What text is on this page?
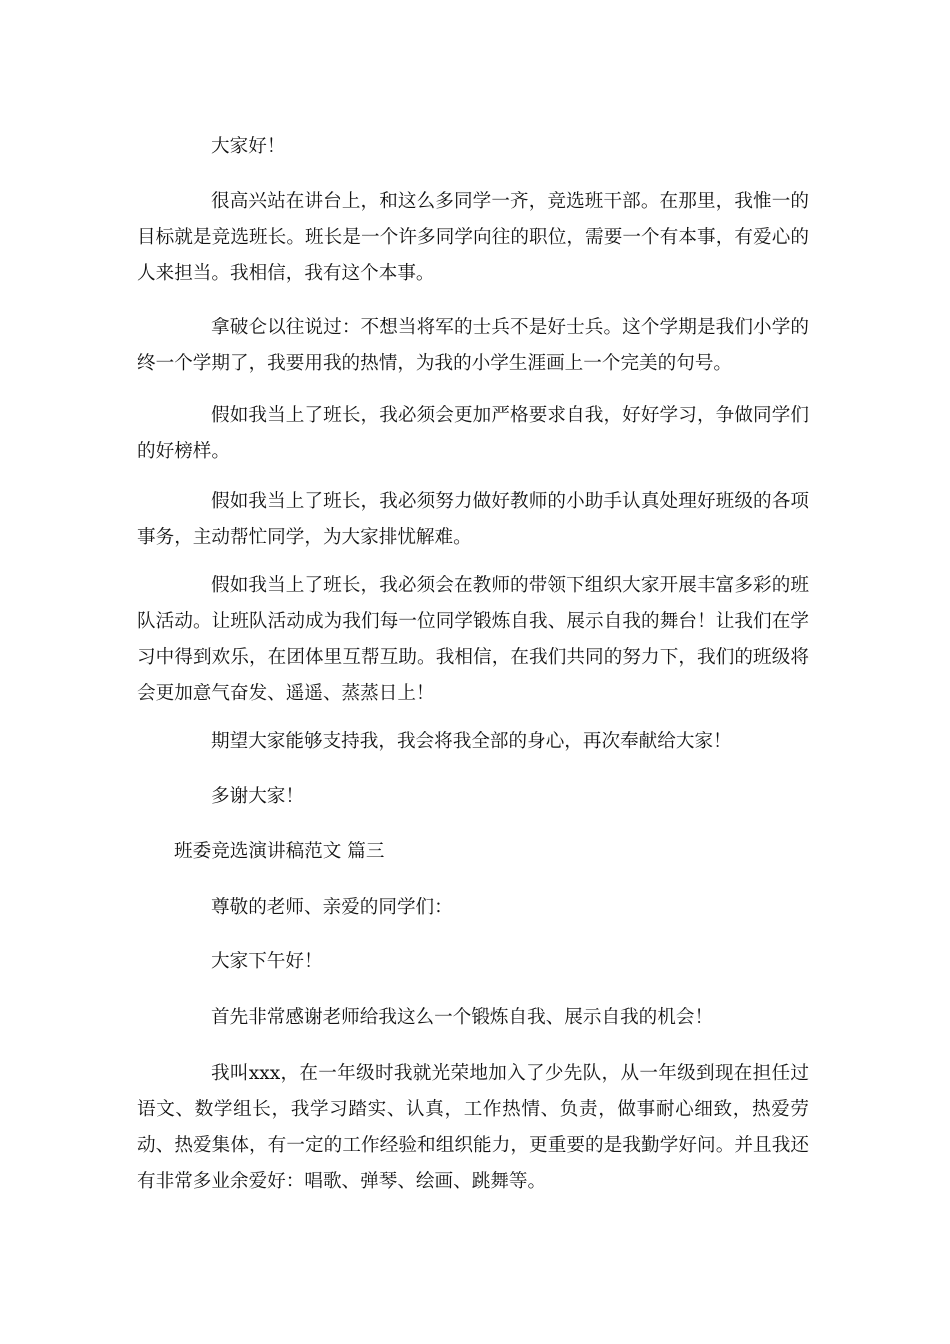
大家好！

很高兴站在讲台上，和这么多同学一齐，竞选班干部。在那里，我惟一的目标就是竞选班长。班长是一个许多同学向往的职位，需要一个有本事，有爱心的人来担当。我相信，我有这个本事。

拿破仑以往说过：不想当将军的士兵不是好士兵。这个学期是我们小学的终一个学期了，我要用我的热情，为我的小学生涯画上一个完美的句号。

假如我当上了班长，我必须会更加严格要求自我，好好学习，争做同学们的好榜样。

假如我当上了班长，我必须努力做好教师的小助手认真处理好班级的各项事务，主动帮忙同学，为大家排忧解难。

假如我当上了班长，我必须会在教师的带领下组织大家开展丰富多彩的班队活动。让班队活动成为我们每一位同学锻炼自我、展示自我的舞台！让我们在学习中得到欢乐，在团体里互帮互助。我相信，在我们共同的努力下，我们的班级将会更加意气奋发、遥遥、蒸蒸日上！

期望大家能够支持我，我会将我全部的身心，再次奉献给大家！

多谢大家！

班委竞选演讲稿范文 篇三

尊敬的老师、亲爱的同学们：

大家下午好！

首先非常感谢老师给我这么一个锻炼自我、展示自我的机会！

我叫xxx，在一年级时我就光荣地加入了少先队，从一年级到现在担任过语文、数学组长，我学习踏实、认真，工作热情、负责，做事耐心细致，热爱劳动、热爱集体，有一定的工作经验和组织能力，更重要的是我勤学好问。并且我还有非常多业余爱好：唱歌、弹琴、绘画、跳舞等。
